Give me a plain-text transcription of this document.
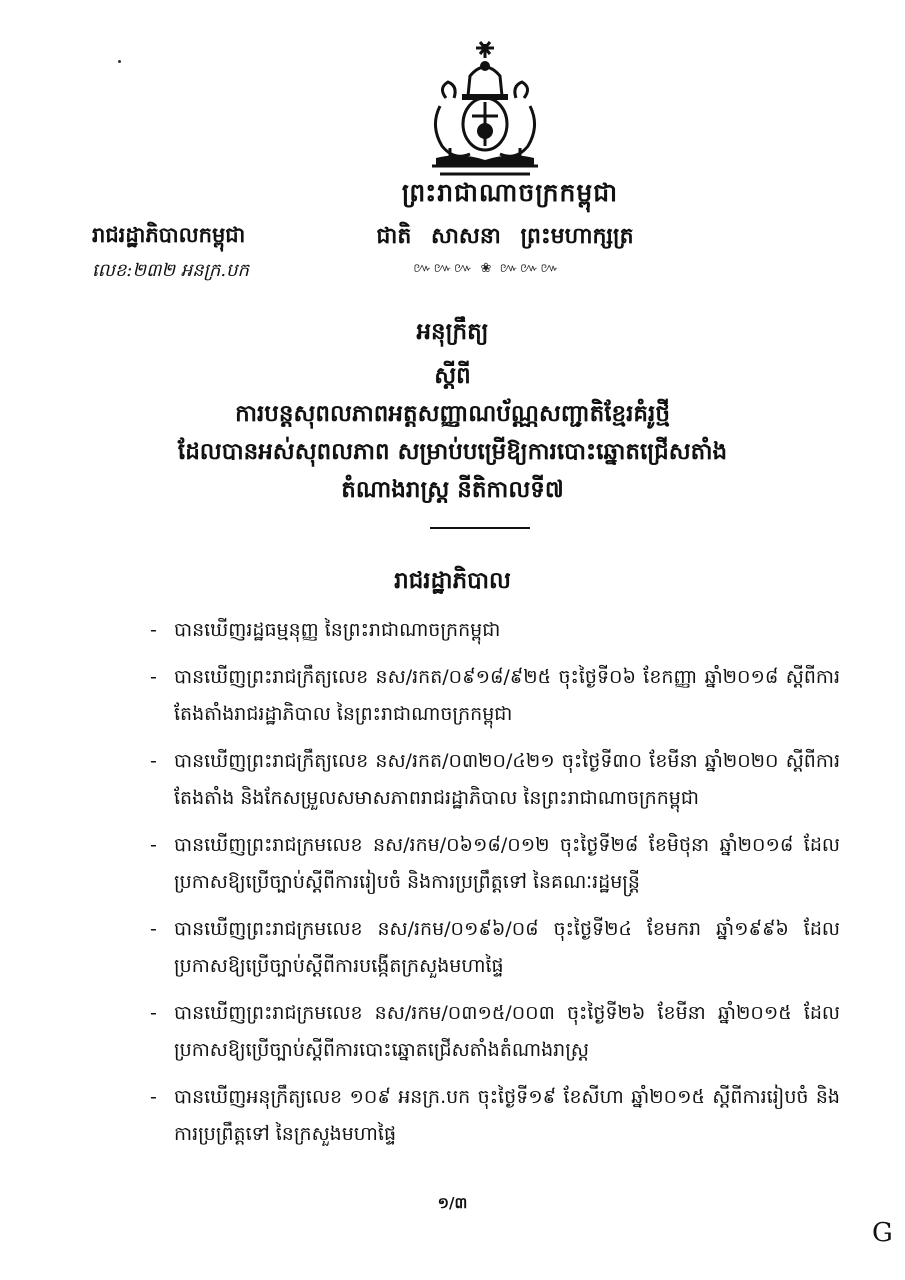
ព្រះរាជាណាចក្រកម្ពុជា
ជាតិ សាសនា ព្រះមហាក្សត្រ
៚៚៚ ❀ ៚៚៚
រាជរដ្ឋាភិបាលកម្ពុជា
លេខ:២៣២ អនក្រ.បក
អនុក្រឹត្យ
ស្តីពី
ការបន្តសុពលភាពអត្តសញ្ញាណប័ណ្ណសញ្ជាតិខ្មែរគំរូថ្មី
ដែលបានអស់សុពលភាព សម្រាប់បម្រើឱ្យការបោះឆ្នោតជ្រើសតាំង
តំណាងរាស្ត្រ នីតិកាលទី៧
រាជរដ្ឋាភិបាល
- បានឃើញរដ្ឋធម្មនុញ្ញ នៃព្រះរាជាណាចក្រកម្ពុជា
- បានឃើញព្រះរាជក្រឹត្យលេខ នស/រកត/០៩១៨/៩២៥ ចុះថ្ងៃទី០៦ ខែកញ្ញា ឆ្នាំ២០១៨ ស្តីពីការតែងតាំងរាជរដ្ឋាភិបាល នៃព្រះរាជាណាចក្រកម្ពុជា
- បានឃើញព្រះរាជក្រឹត្យលេខ នស/រកត/០៣២០/៤២១ ចុះថ្ងៃទី៣០ ខែមីនា ឆ្នាំ២០២០ ស្តីពីការតែងតាំង និងកែសម្រួលសមាសភាពរាជរដ្ឋាភិបាល នៃព្រះរាជាណាចក្រកម្ពុជា
- បានឃើញព្រះរាជក្រមលេខ នស/រកម/០៦១៨/០១២ ចុះថ្ងៃទី២៨ ខែមិថុនា ឆ្នាំ២០១៨ ដែលប្រកាសឱ្យប្រើច្បាប់ស្តីពីការរៀបចំ និងការប្រព្រឹត្តទៅ នៃគណៈរដ្ឋមន្ត្រី
- បានឃើញព្រះរាជក្រមលេខ នស/រកម/០១៩៦/០៨ ចុះថ្ងៃទី២៤ ខែមករា ឆ្នាំ១៩៩៦ ដែលប្រកាសឱ្យប្រើច្បាប់ស្តីពីការបង្កើតក្រសួងមហាផ្ទៃ
- បានឃើញព្រះរាជក្រមលេខ នស/រកម/០៣១៥/០០៣ ចុះថ្ងៃទី២៦ ខែមីនា ឆ្នាំ២០១៥ ដែលប្រកាសឱ្យប្រើច្បាប់ស្តីពីការបោះឆ្នោតជ្រើសតាំងតំណាងរាស្ត្រ
- បានឃើញអនុក្រឹត្យលេខ ១០៩ អនក្រ.បក ចុះថ្ងៃទី១៩ ខែសីហា ឆ្នាំ២០១៥ ស្តីពីការរៀបចំ និងការប្រព្រឹត្តទៅ នៃក្រសួងមហាផ្ទៃ
១/៣
G
